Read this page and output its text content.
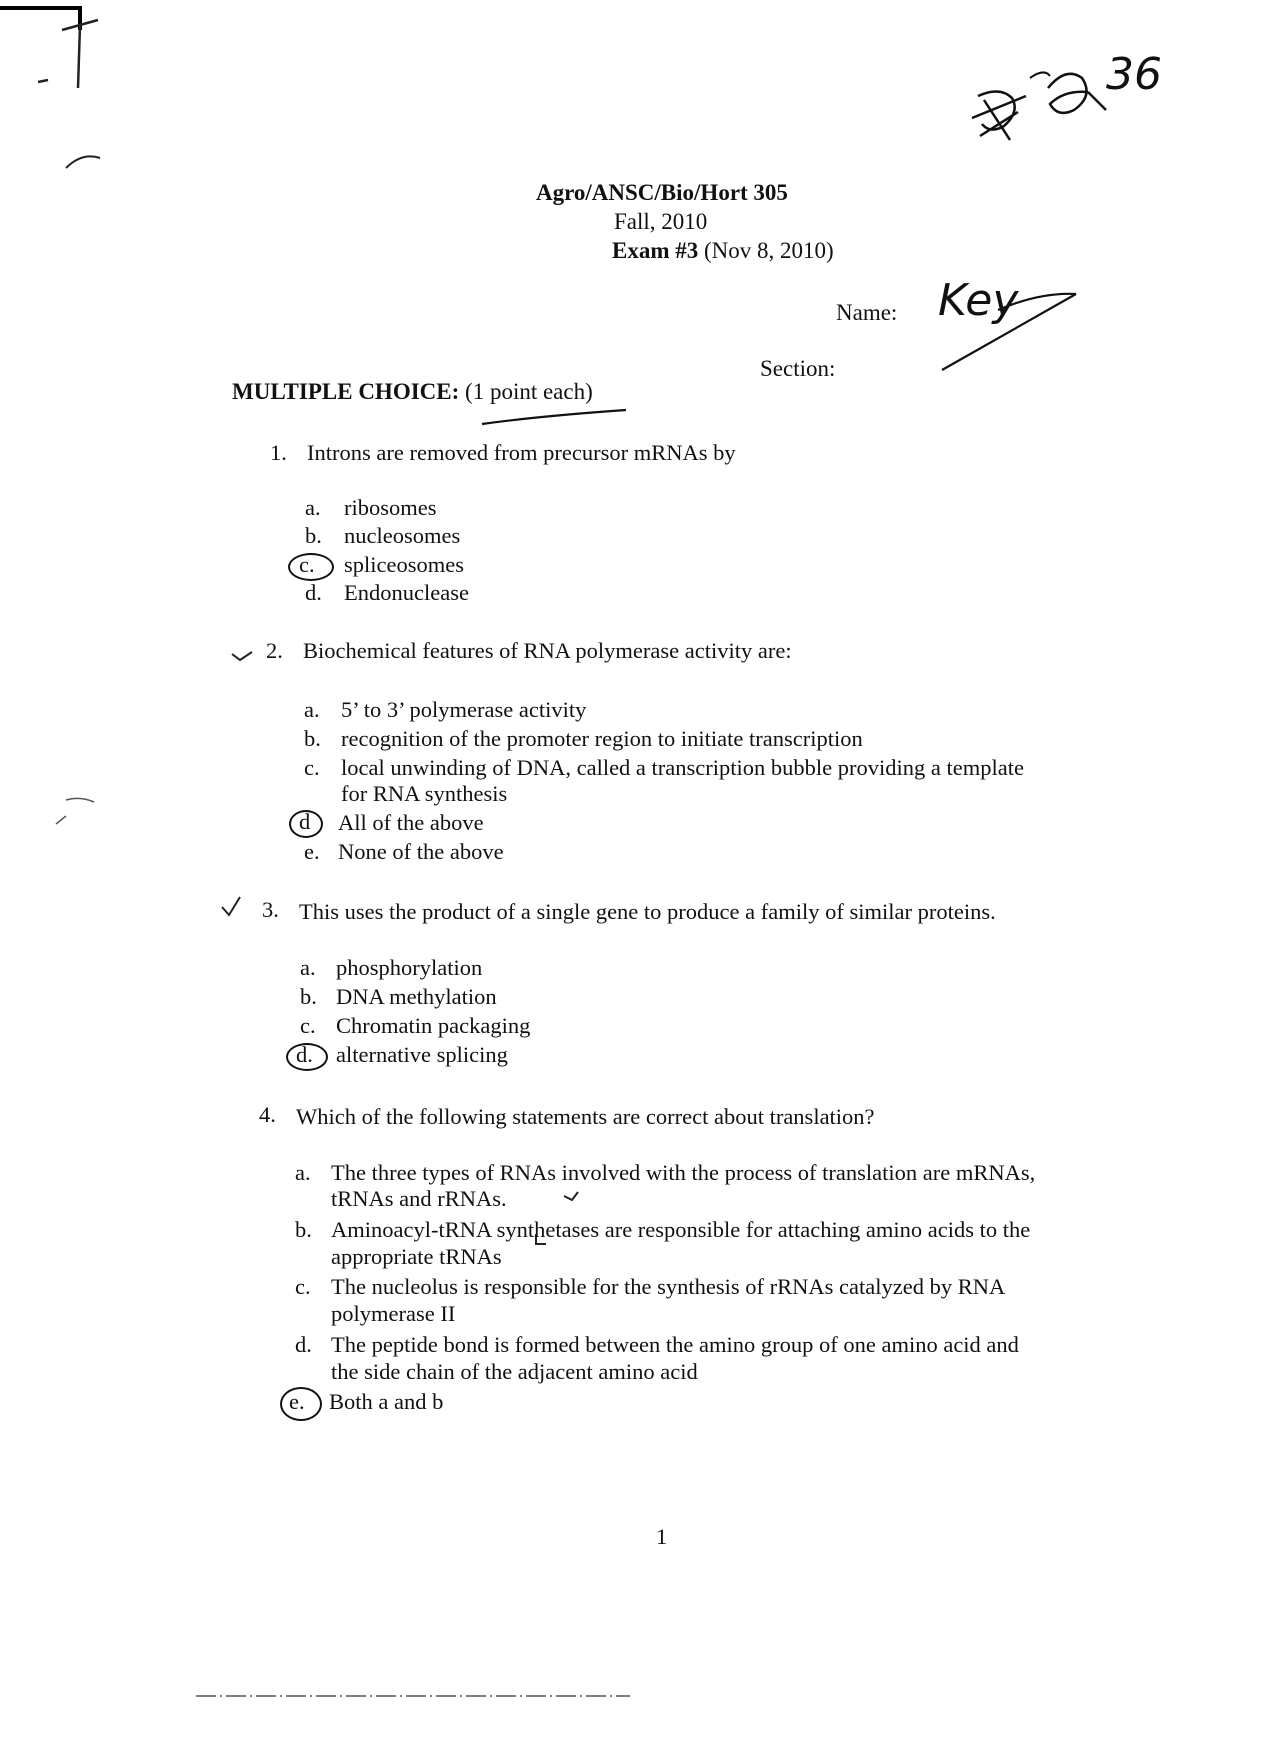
Agro/ANSC/Bio/Hort 305
Fall, 2010
Exam #3 (Nov 8, 2010)
Name: Key
Section:
36
MULTIPLE CHOICE: (1 point each)
1. Introns are removed from precursor mRNAs by
a. ribosomes
b. nucleosomes
c. spliceosomes
d. Endonuclease
2. Biochemical features of RNA polymerase activity are:
a. 5’ to 3’ polymerase activity
b. recognition of the promoter region to initiate transcription
c. local unwinding of DNA, called a transcription bubble providing a template
for RNA synthesis
d All of the above
e. None of the above
3. This uses the product of a single gene to produce a family of similar proteins.
a. phosphorylation
b. DNA methylation
c. Chromatin packaging
d. alternative splicing
4. Which of the following statements are correct about translation?
a. The three types of RNAs involved with the process of translation are mRNAs,
tRNAs and rRNAs.
b. Aminoacyl-tRNA synthetases are responsible for attaching amino acids to the
appropriate tRNAs
c. The nucleolus is responsible for the synthesis of rRNAs catalyzed by RNA
polymerase II
d. The peptide bond is formed between the amino group of one amino acid and
the side chain of the adjacent amino acid
e. Both a and b
1
